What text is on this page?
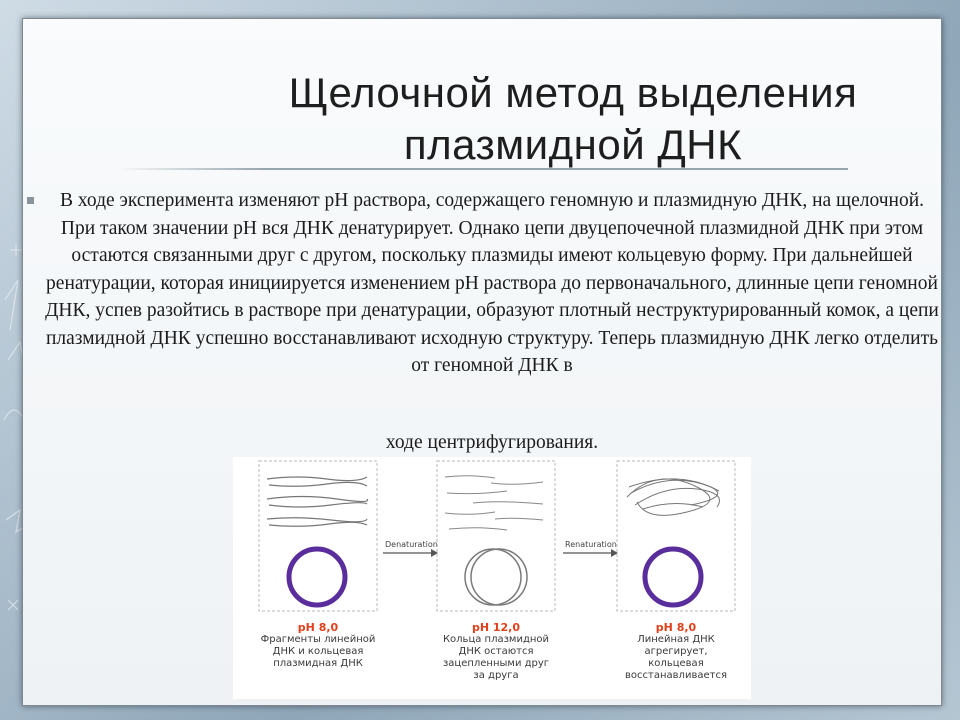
Щелочной метод выделения плазмидной ДНК

В ходе эксперимента изменяют рН раствора, содержащего геномную и плазмидную ДНК, на щелочной. При таком значении рН вся ДНК денатурирует. Однако цепи двуцепочечной плазмидной ДНК при этом остаются связанными друг с другом, поскольку плазмиды имеют кольцевую форму. При дальнейшей ренатурации, которая инициируется изменением рН раствора до первоначального, длинные цепи геномной ДНК, успев разойтись в растворе при денатурации, образуют плотный неструктурированный комок, а цепи плазмидной ДНК успешно восстанавливают исходную структуру. Теперь плазмидную ДНК легко отделить от геномной ДНК в

ходе центрифугирования.

Denaturation	Renaturation
pH 8,0
Фрагменты линейной ДНК и кольцевая плазмидная ДНК
pH 12,0
Кольца плазмидной ДНК остаются зацепленными друг за друга
pH 8,0
Линейная ДНК агрегирует, кольцевая восстанавливается
